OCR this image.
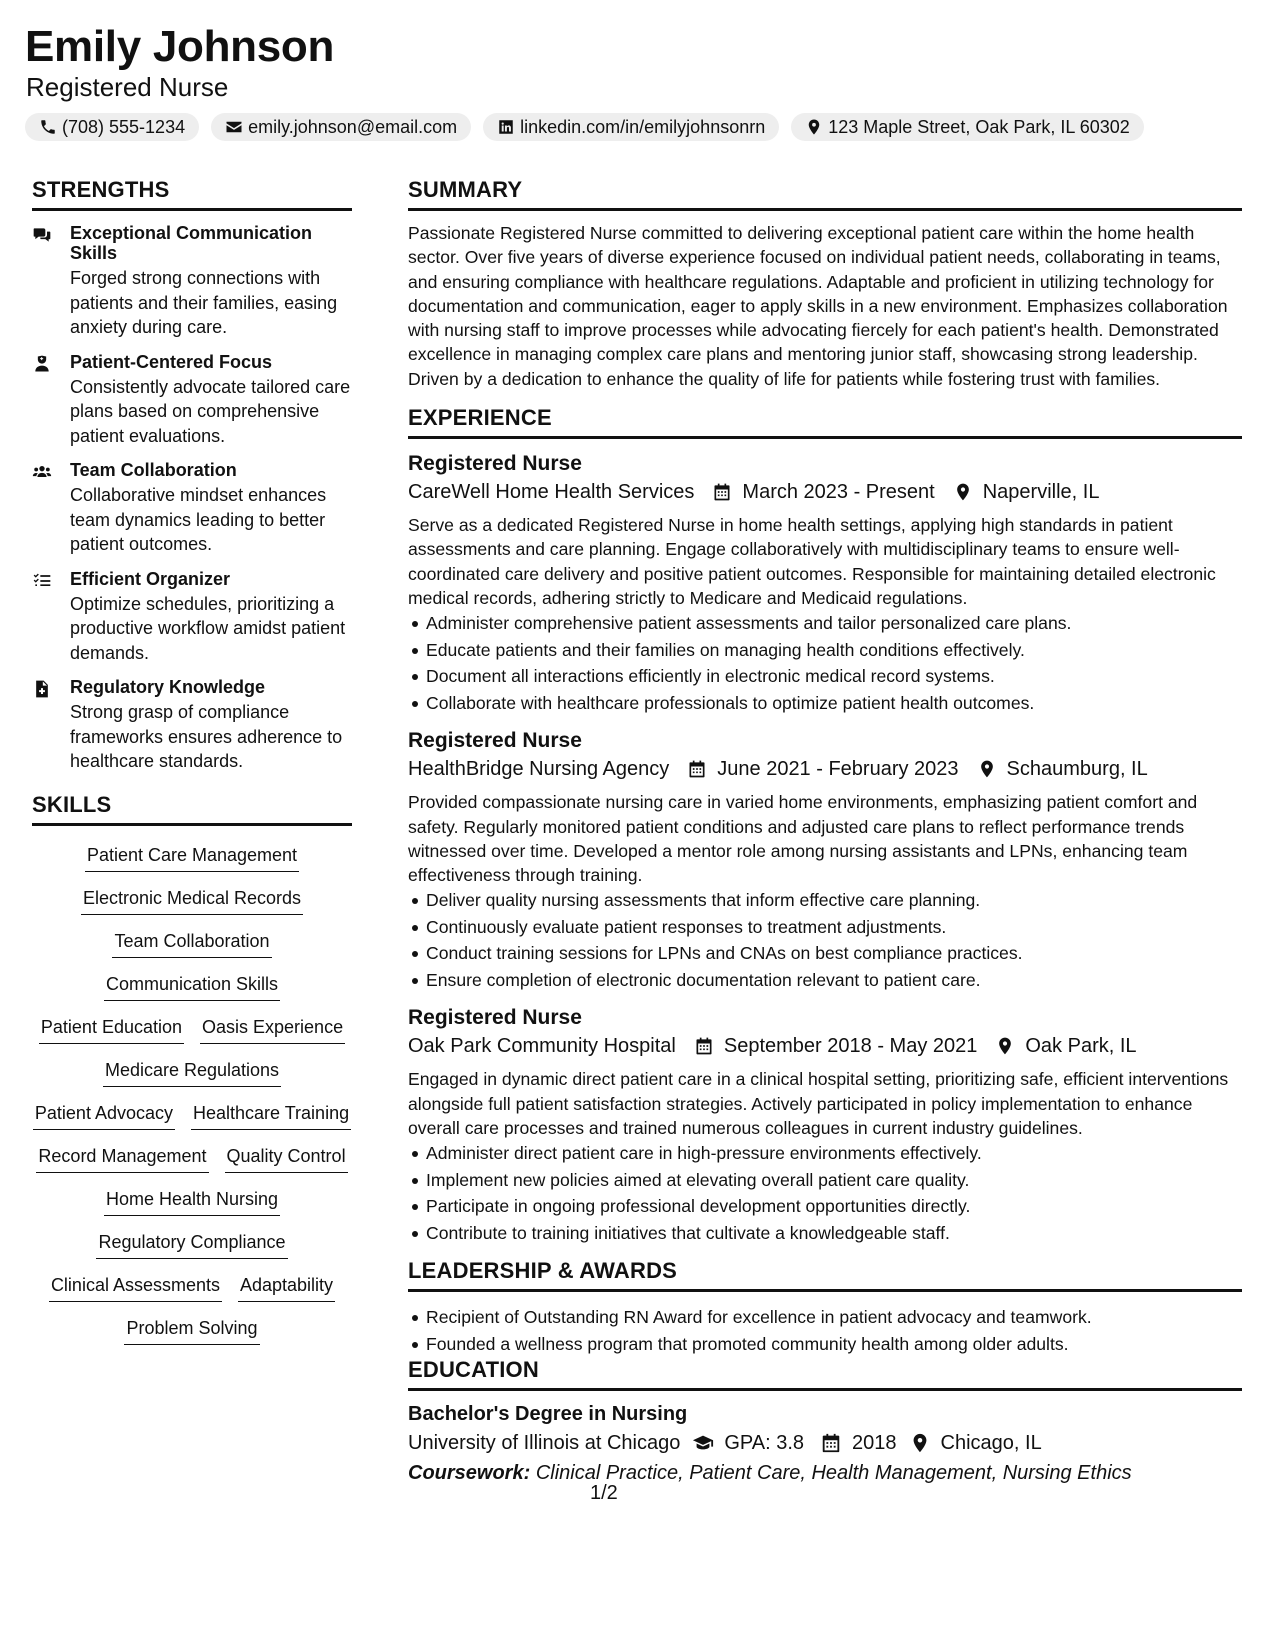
Emily Johnson
Registered Nurse
(708) 555-1234	emily.johnson@email.com	linkedin.com/in/emilyjohnsonrn	123 Maple Street, Oak Park, IL 60302
STRENGTHS
Exceptional Communication Skills
Forged strong connections with patients and their families, easing anxiety during care.
Patient-Centered Focus
Consistently advocate tailored care plans based on comprehensive patient evaluations.
Team Collaboration
Collaborative mindset enhances team dynamics leading to better patient outcomes.
Efficient Organizer
Optimize schedules, prioritizing a productive workflow amidst patient demands.
Regulatory Knowledge
Strong grasp of compliance frameworks ensures adherence to healthcare standards.
SKILLS
Patient Care Management
Electronic Medical Records
Team Collaboration
Communication Skills
Patient Education Oasis Experience
Medicare Regulations
Patient Advocacy Healthcare Training
Record Management Quality Control
Home Health Nursing
Regulatory Compliance
Clinical Assessments Adaptability
Problem Solving
SUMMARY
Passionate Registered Nurse committed to delivering exceptional patient care within the home health sector. Over five years of diverse experience focused on individual patient needs, collaborating in teams, and ensuring compliance with healthcare regulations. Adaptable and proficient in utilizing technology for documentation and communication, eager to apply skills in a new environment. Emphasizes collaboration with nursing staff to improve processes while advocating fiercely for each patient's health. Demonstrated excellence in managing complex care plans and mentoring junior staff, showcasing strong leadership. Driven by a dedication to enhance the quality of life for patients while fostering trust with families.
EXPERIENCE
Registered Nurse
CareWell Home Health Services March 2023 - Present Naperville, IL
Serve as a dedicated Registered Nurse in home health settings, applying high standards in patient assessments and care planning. Engage collaboratively with multidisciplinary teams to ensure well-coordinated care delivery and positive patient outcomes. Responsible for maintaining detailed electronic medical records, adhering strictly to Medicare and Medicaid regulations.
Administer comprehensive patient assessments and tailor personalized care plans.
Educate patients and their families on managing health conditions effectively.
Document all interactions efficiently in electronic medical record systems.
Collaborate with healthcare professionals to optimize patient health outcomes.
Registered Nurse
HealthBridge Nursing Agency June 2021 - February 2023 Schaumburg, IL
Provided compassionate nursing care in varied home environments, emphasizing patient comfort and safety. Regularly monitored patient conditions and adjusted care plans to reflect performance trends witnessed over time. Developed a mentor role among nursing assistants and LPNs, enhancing team effectiveness through training.
Deliver quality nursing assessments that inform effective care planning.
Continuously evaluate patient responses to treatment adjustments.
Conduct training sessions for LPNs and CNAs on best compliance practices.
Ensure completion of electronic documentation relevant to patient care.
Registered Nurse
Oak Park Community Hospital September 2018 - May 2021 Oak Park, IL
Engaged in dynamic direct patient care in a clinical hospital setting, prioritizing safe, efficient interventions alongside full patient satisfaction strategies. Actively participated in policy implementation to enhance overall care processes and trained numerous colleagues in current industry guidelines.
Administer direct patient care in high-pressure environments effectively.
Implement new policies aimed at elevating overall patient care quality.
Participate in ongoing professional development opportunities directly.
Contribute to training initiatives that cultivate a knowledgeable staff.
LEADERSHIP & AWARDS
Recipient of Outstanding RN Award for excellence in patient advocacy and teamwork.
Founded a wellness program that promoted community health among older adults.
EDUCATION
Bachelor's Degree in Nursing
University of Illinois at Chicago GPA: 3.8 2018 Chicago, IL
Coursework: Clinical Practice, Patient Care, Health Management, Nursing Ethics
1/2
